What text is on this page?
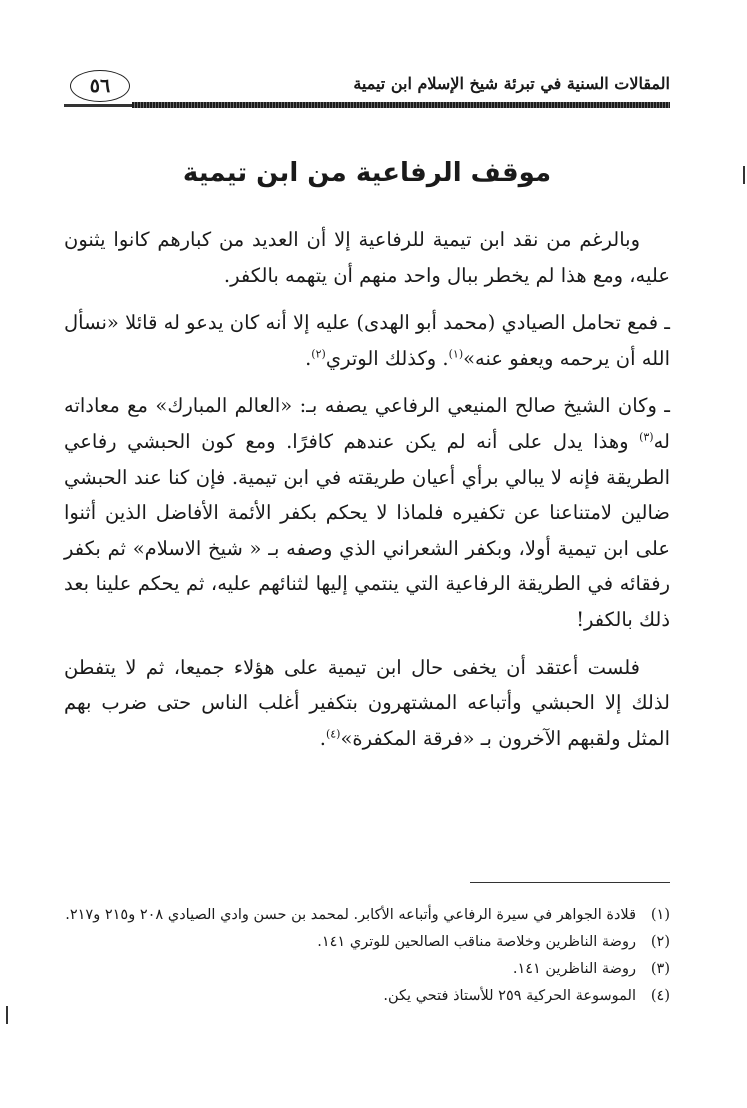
٥٦	المقالات السنية في تبرئة شيخ الإسلام ابن تيمية
موقف الرفاعية من ابن تيمية

وبالرغم من نقد ابن تيمية للرفاعية إلا أن العديد من كبارهم كانوا يثنون عليه، ومع هذا لم يخطر ببال واحد منهم أن يتهمه بالكفر.

ـ فمع تحامل الصيادي (محمد أبو الهدى) عليه إلا أنه كان يدعو له قائلا «نسأل الله أن يرحمه ويعفو عنه»$^{(١)}$. وكذلك الوتري$^{(٢)}$.

ـ وكان الشيخ صالح المنيعي الرفاعي يصفه بـ: «العالم المبارك» مع معاداته له$^{(٣)}$ وهذا يدل على أنه لم يكن عندهم كافرًا. ومع كون الحبشي رفاعي الطريقة فإنه لا يبالي برأي أعيان طريقته في ابن تيمية. فإن كنا عند الحبشي ضالين لامتناعنا عن تكفيره فلماذا لا يحكم بكفر الأئمة الأفاضل الذين أثنوا على ابن تيمية أولا، وبكفر الشعراني الذي وصفه بـ « شيخ الاسلام» ثم بكفر رفقائه في الطريقة الرفاعية التي ينتمي إليها لثنائهم عليه، ثم يحكم علينا بعد ذلك بالكفر!

فلست أعتقد أن يخفى حال ابن تيمية على هؤلاء جميعا، ثم لا يتفطن لذلك إلا الحبشي وأتباعه المشتهرون بتكفير أغلب الناس حتى ضرب بهم المثل ولقبهم الآخرون بـ «فرقة المكفرة»$^{(٤)}$.

(١)
قلادة الجواهر في سيرة الرفاعي وأتباعه الأكابر. لمحمد بن حسن وادي الصيادي ٢٠٨ و٢١٥ و٢١٧.
(٢)
روضة الناظرين وخلاصة مناقب الصالحين للوتري ١٤١.
(٣)
روضة الناظرين ١٤١.
(٤)
الموسوعة الحركية ٢٥٩ للأستاذ فتحي يكن.
